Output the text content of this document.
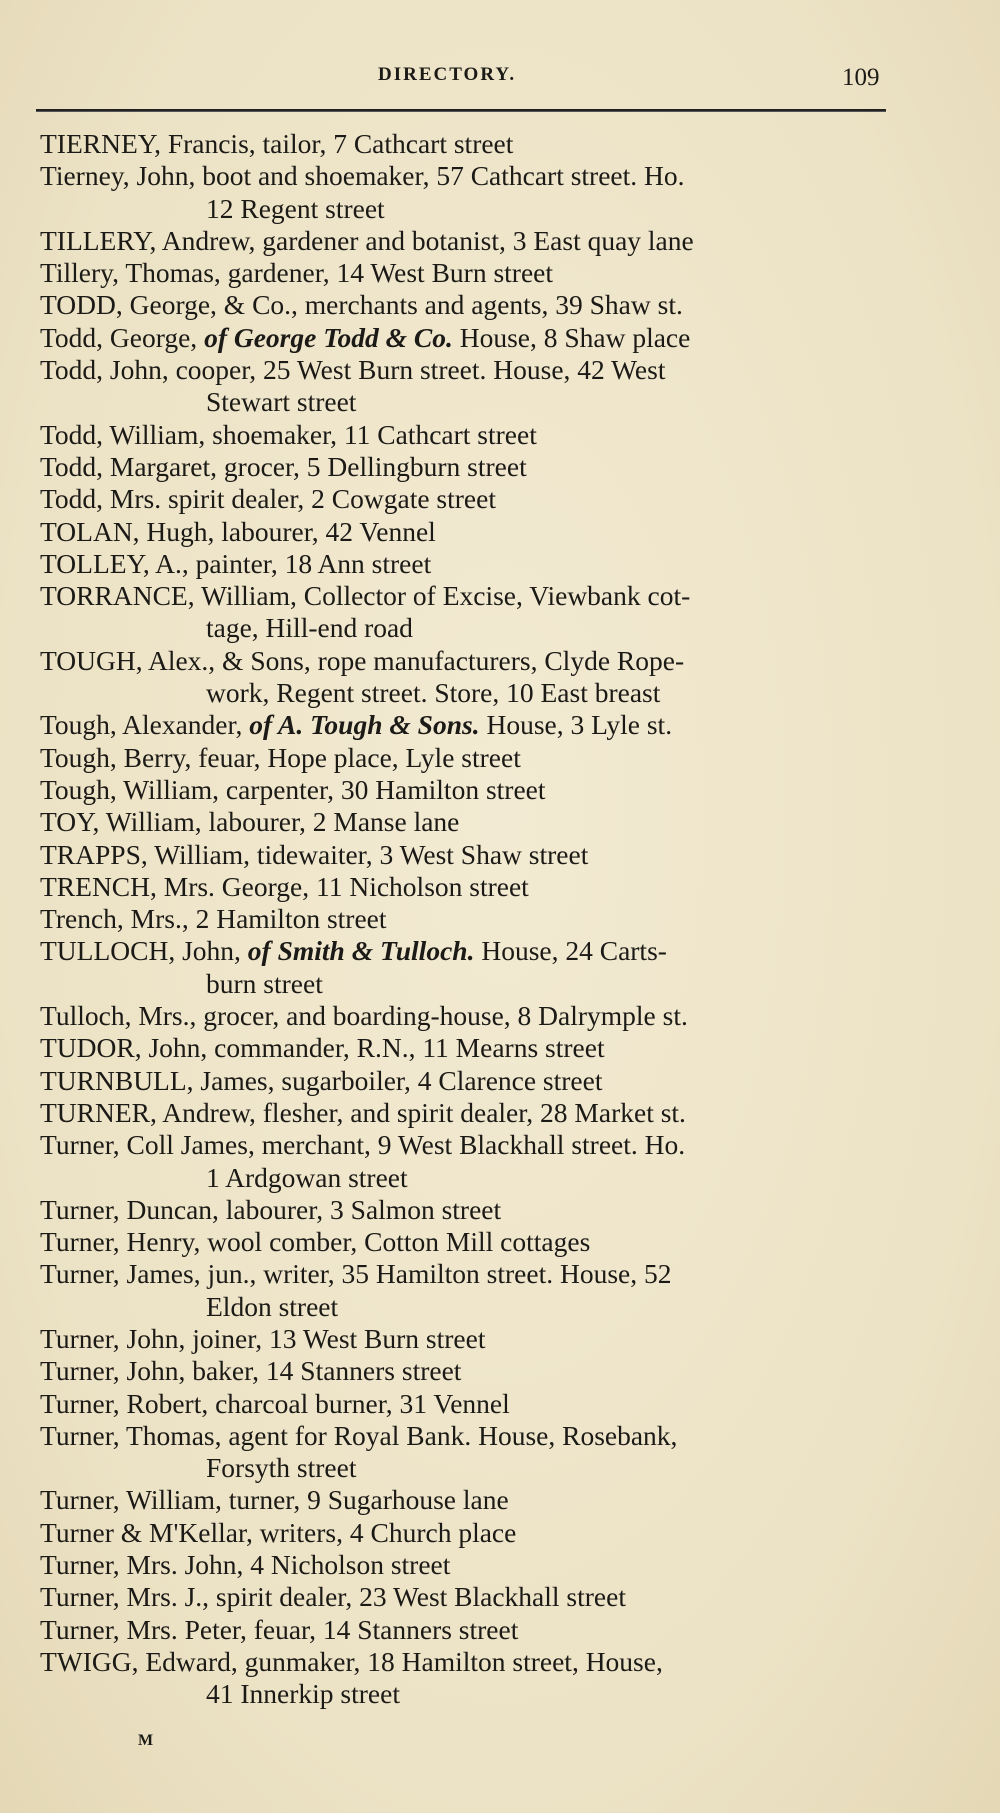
DIRECTORY.	109
TIERNEY, Francis, tailor, 7 Cathcart street
Tierney, John, boot and shoemaker, 57 Cathcart street. Ho.
12 Regent street
TILLERY, Andrew, gardener and botanist, 3 East quay lane
Tillery, Thomas, gardener, 14 West Burn street
TODD, George, & Co., merchants and agents, 39 Shaw st.
Todd, George, of George Todd & Co. House, 8 Shaw place
Todd, John, cooper, 25 West Burn street. House, 42 West
Stewart street
Todd, William, shoemaker, 11 Cathcart street
Todd, Margaret, grocer, 5 Dellingburn street
Todd, Mrs. spirit dealer, 2 Cowgate street
TOLAN, Hugh, labourer, 42 Vennel
TOLLEY, A., painter, 18 Ann street
TORRANCE, William, Collector of Excise, Viewbank cot-
tage, Hill-end road
TOUGH, Alex., & Sons, rope manufacturers, Clyde Rope-
work, Regent street. Store, 10 East breast
Tough, Alexander, of A. Tough & Sons. House, 3 Lyle st.
Tough, Berry, feuar, Hope place, Lyle street
Tough, William, carpenter, 30 Hamilton street
TOY, William, labourer, 2 Manse lane
TRAPPS, William, tidewaiter, 3 West Shaw street
TRENCH, Mrs. George, 11 Nicholson street
Trench, Mrs., 2 Hamilton street
TULLOCH, John, of Smith & Tulloch. House, 24 Carts-
burn street
Tulloch, Mrs., grocer, and boarding-house, 8 Dalrymple st.
TUDOR, John, commander, R.N., 11 Mearns street
TURNBULL, James, sugarboiler, 4 Clarence street
TURNER, Andrew, flesher, and spirit dealer, 28 Market st.
Turner, Coll James, merchant, 9 West Blackhall street. Ho.
1 Ardgowan street
Turner, Duncan, labourer, 3 Salmon street
Turner, Henry, wool comber, Cotton Mill cottages
Turner, James, jun., writer, 35 Hamilton street. House, 52
Eldon street
Turner, John, joiner, 13 West Burn street
Turner, John, baker, 14 Stanners street
Turner, Robert, charcoal burner, 31 Vennel
Turner, Thomas, agent for Royal Bank. House, Rosebank,
Forsyth street
Turner, William, turner, 9 Sugarhouse lane
Turner & M'Kellar, writers, 4 Church place
Turner, Mrs. John, 4 Nicholson street
Turner, Mrs. J., spirit dealer, 23 West Blackhall street
Turner, Mrs. Peter, feuar, 14 Stanners street
TWIGG, Edward, gunmaker, 18 Hamilton street, House,
41 Innerkip street
M
